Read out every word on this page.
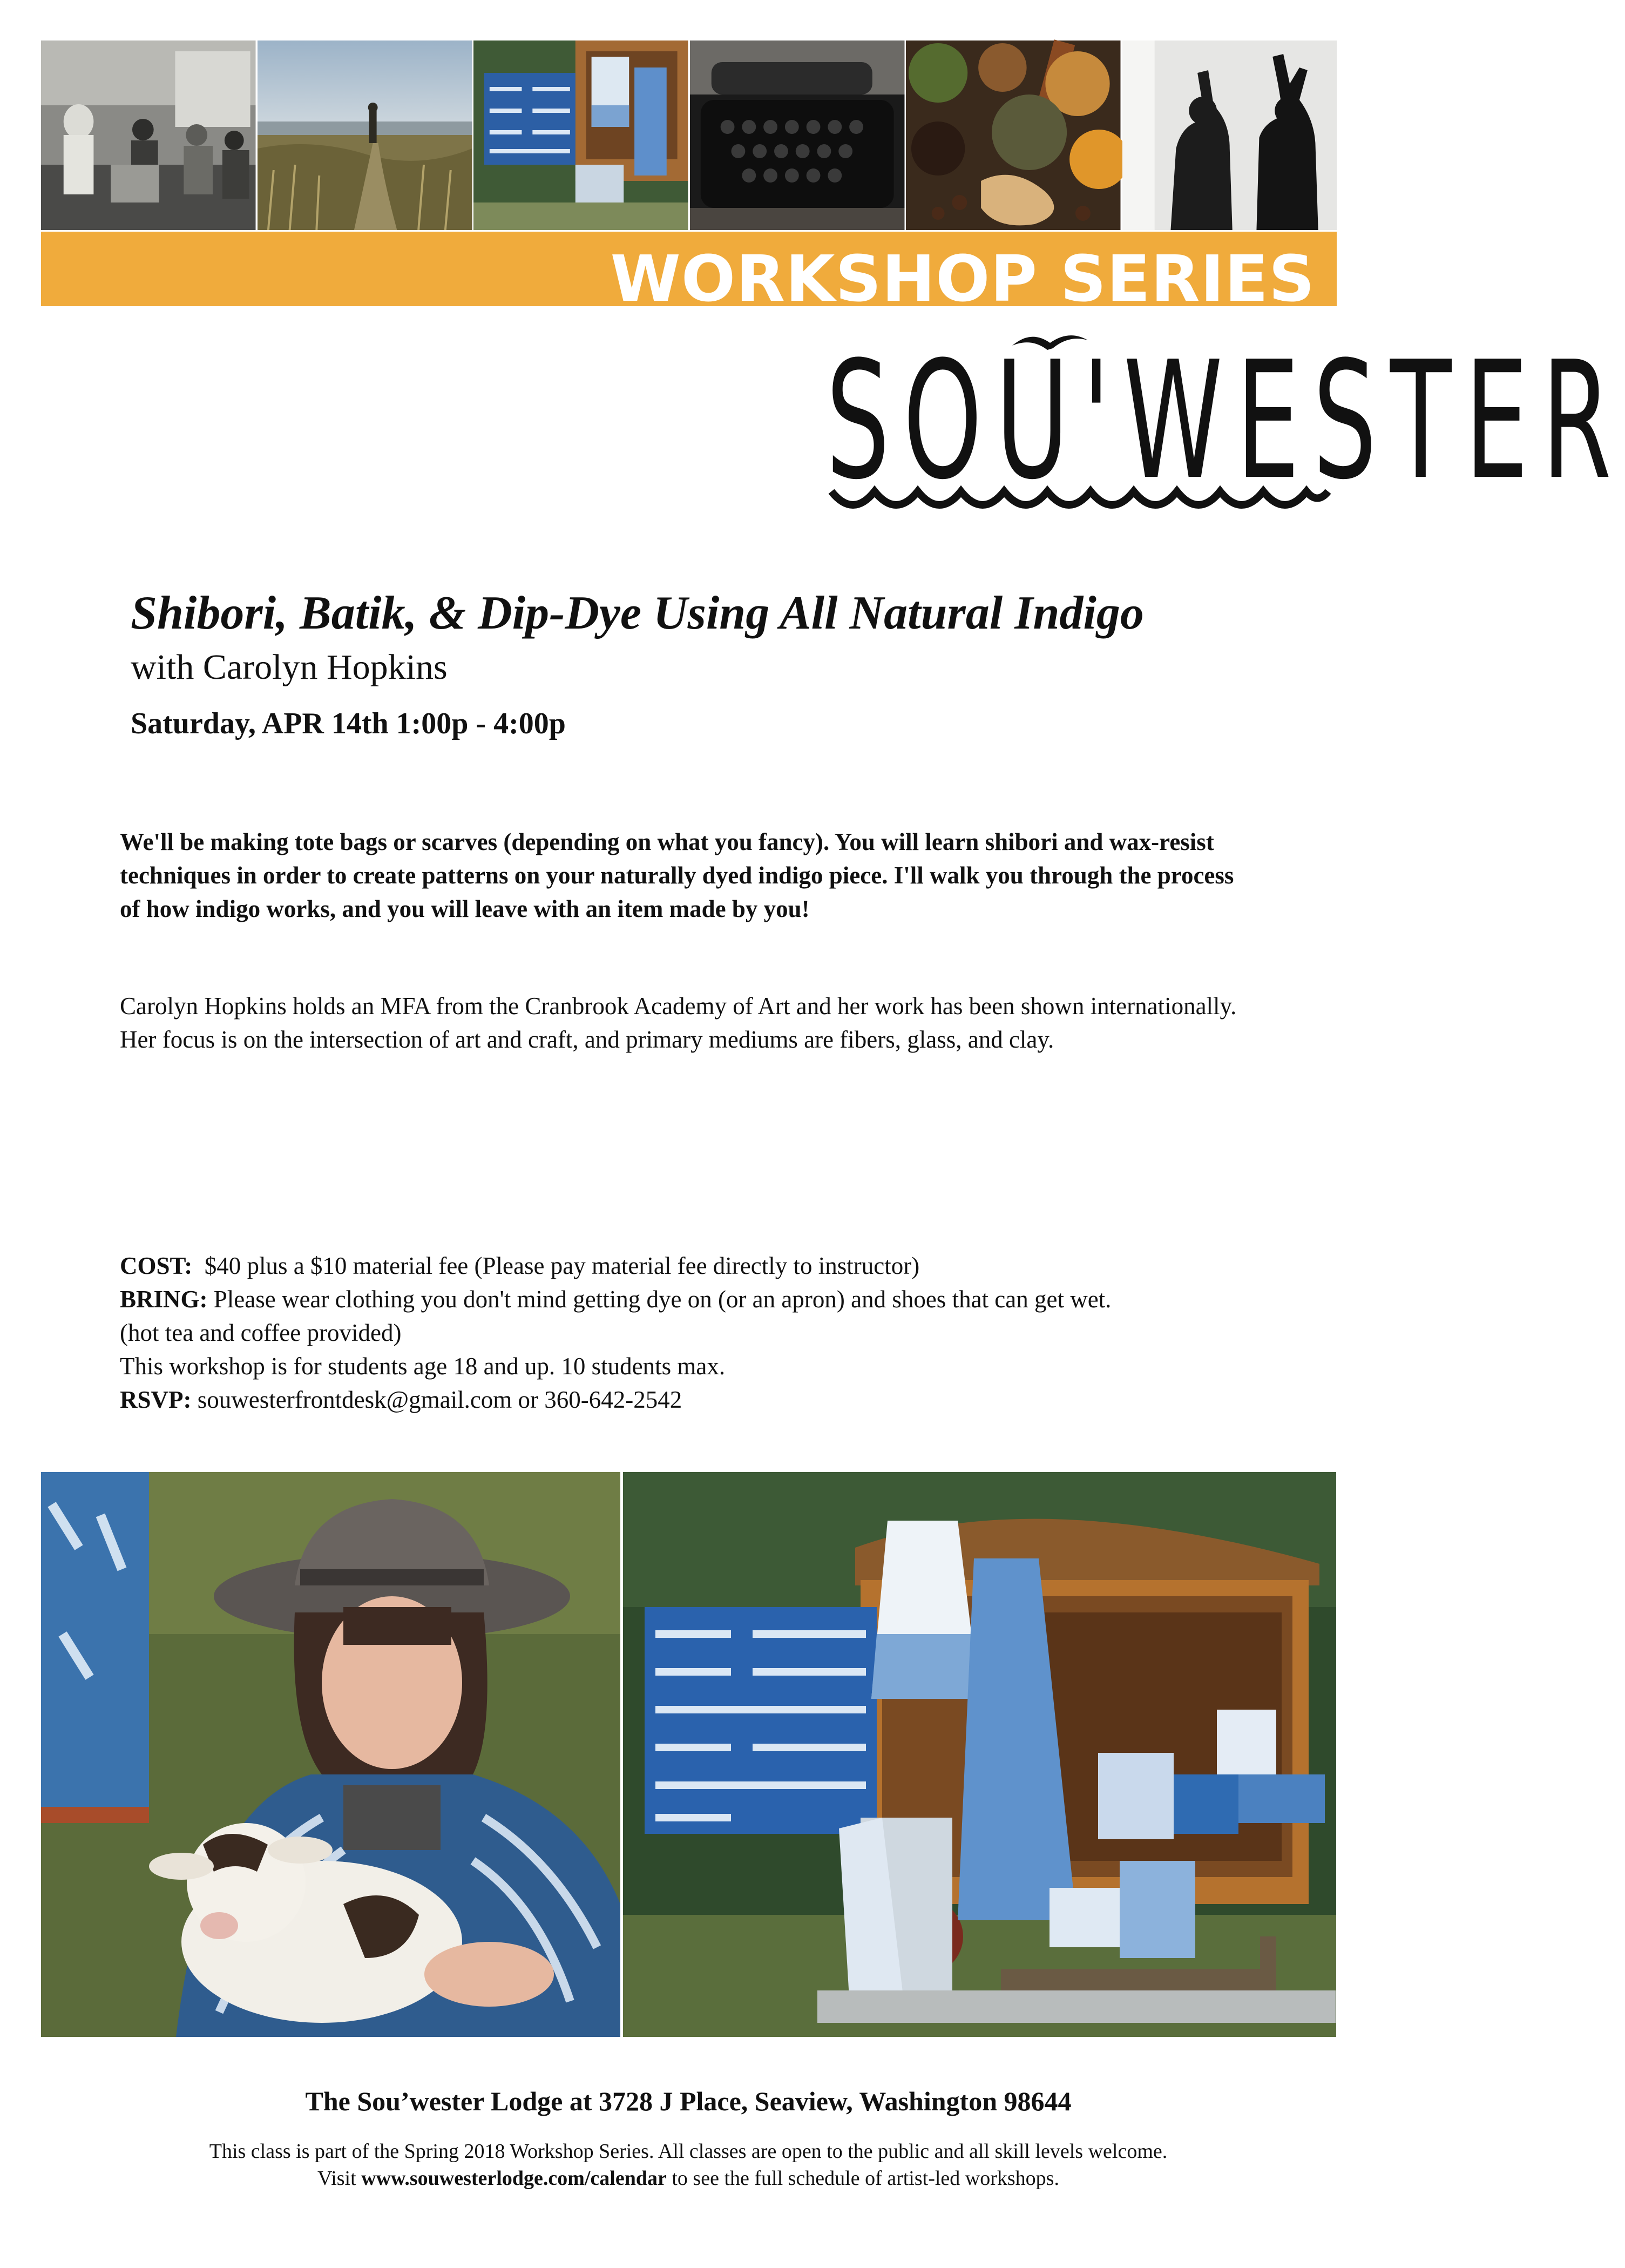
WORKSHOP SERIES
SOU'WESTER
Shibori, Batik, & Dip-Dye Using All Natural Indigo
with Carolyn Hopkins
Saturday, APR 14th 1:00p - 4:00p
We'll be making tote bags or scarves (depending on what you fancy). You will learn shibori and wax-resist techniques in order to create patterns on your naturally dyed indigo piece. I'll walk you through the process of how indigo works, and you will leave with an item made by you!
Carolyn Hopkins holds an MFA from the Cranbrook Academy of Art and her work has been shown internationally. Her focus is on the intersection of art and craft, and primary mediums are fibers, glass, and clay.
COST: $40 plus a $10 material fee (Please pay material fee directly to instructor)
BRING: Please wear clothing you don't mind getting dye on (or an apron) and shoes that can get wet.
(hot tea and coffee provided)
This workshop is for students age 18 and up. 10 students max.
RSVP: souwesterfrontdesk@gmail.com or 360-642-2542
The Sou’wester Lodge at 3728 J Place, Seaview, Washington 98644
This class is part of the Spring 2018 Workshop Series. All classes are open to the public and all skill levels welcome.
Visit www.souwesterlodge.com/calendar to see the full schedule of artist-led workshops.
